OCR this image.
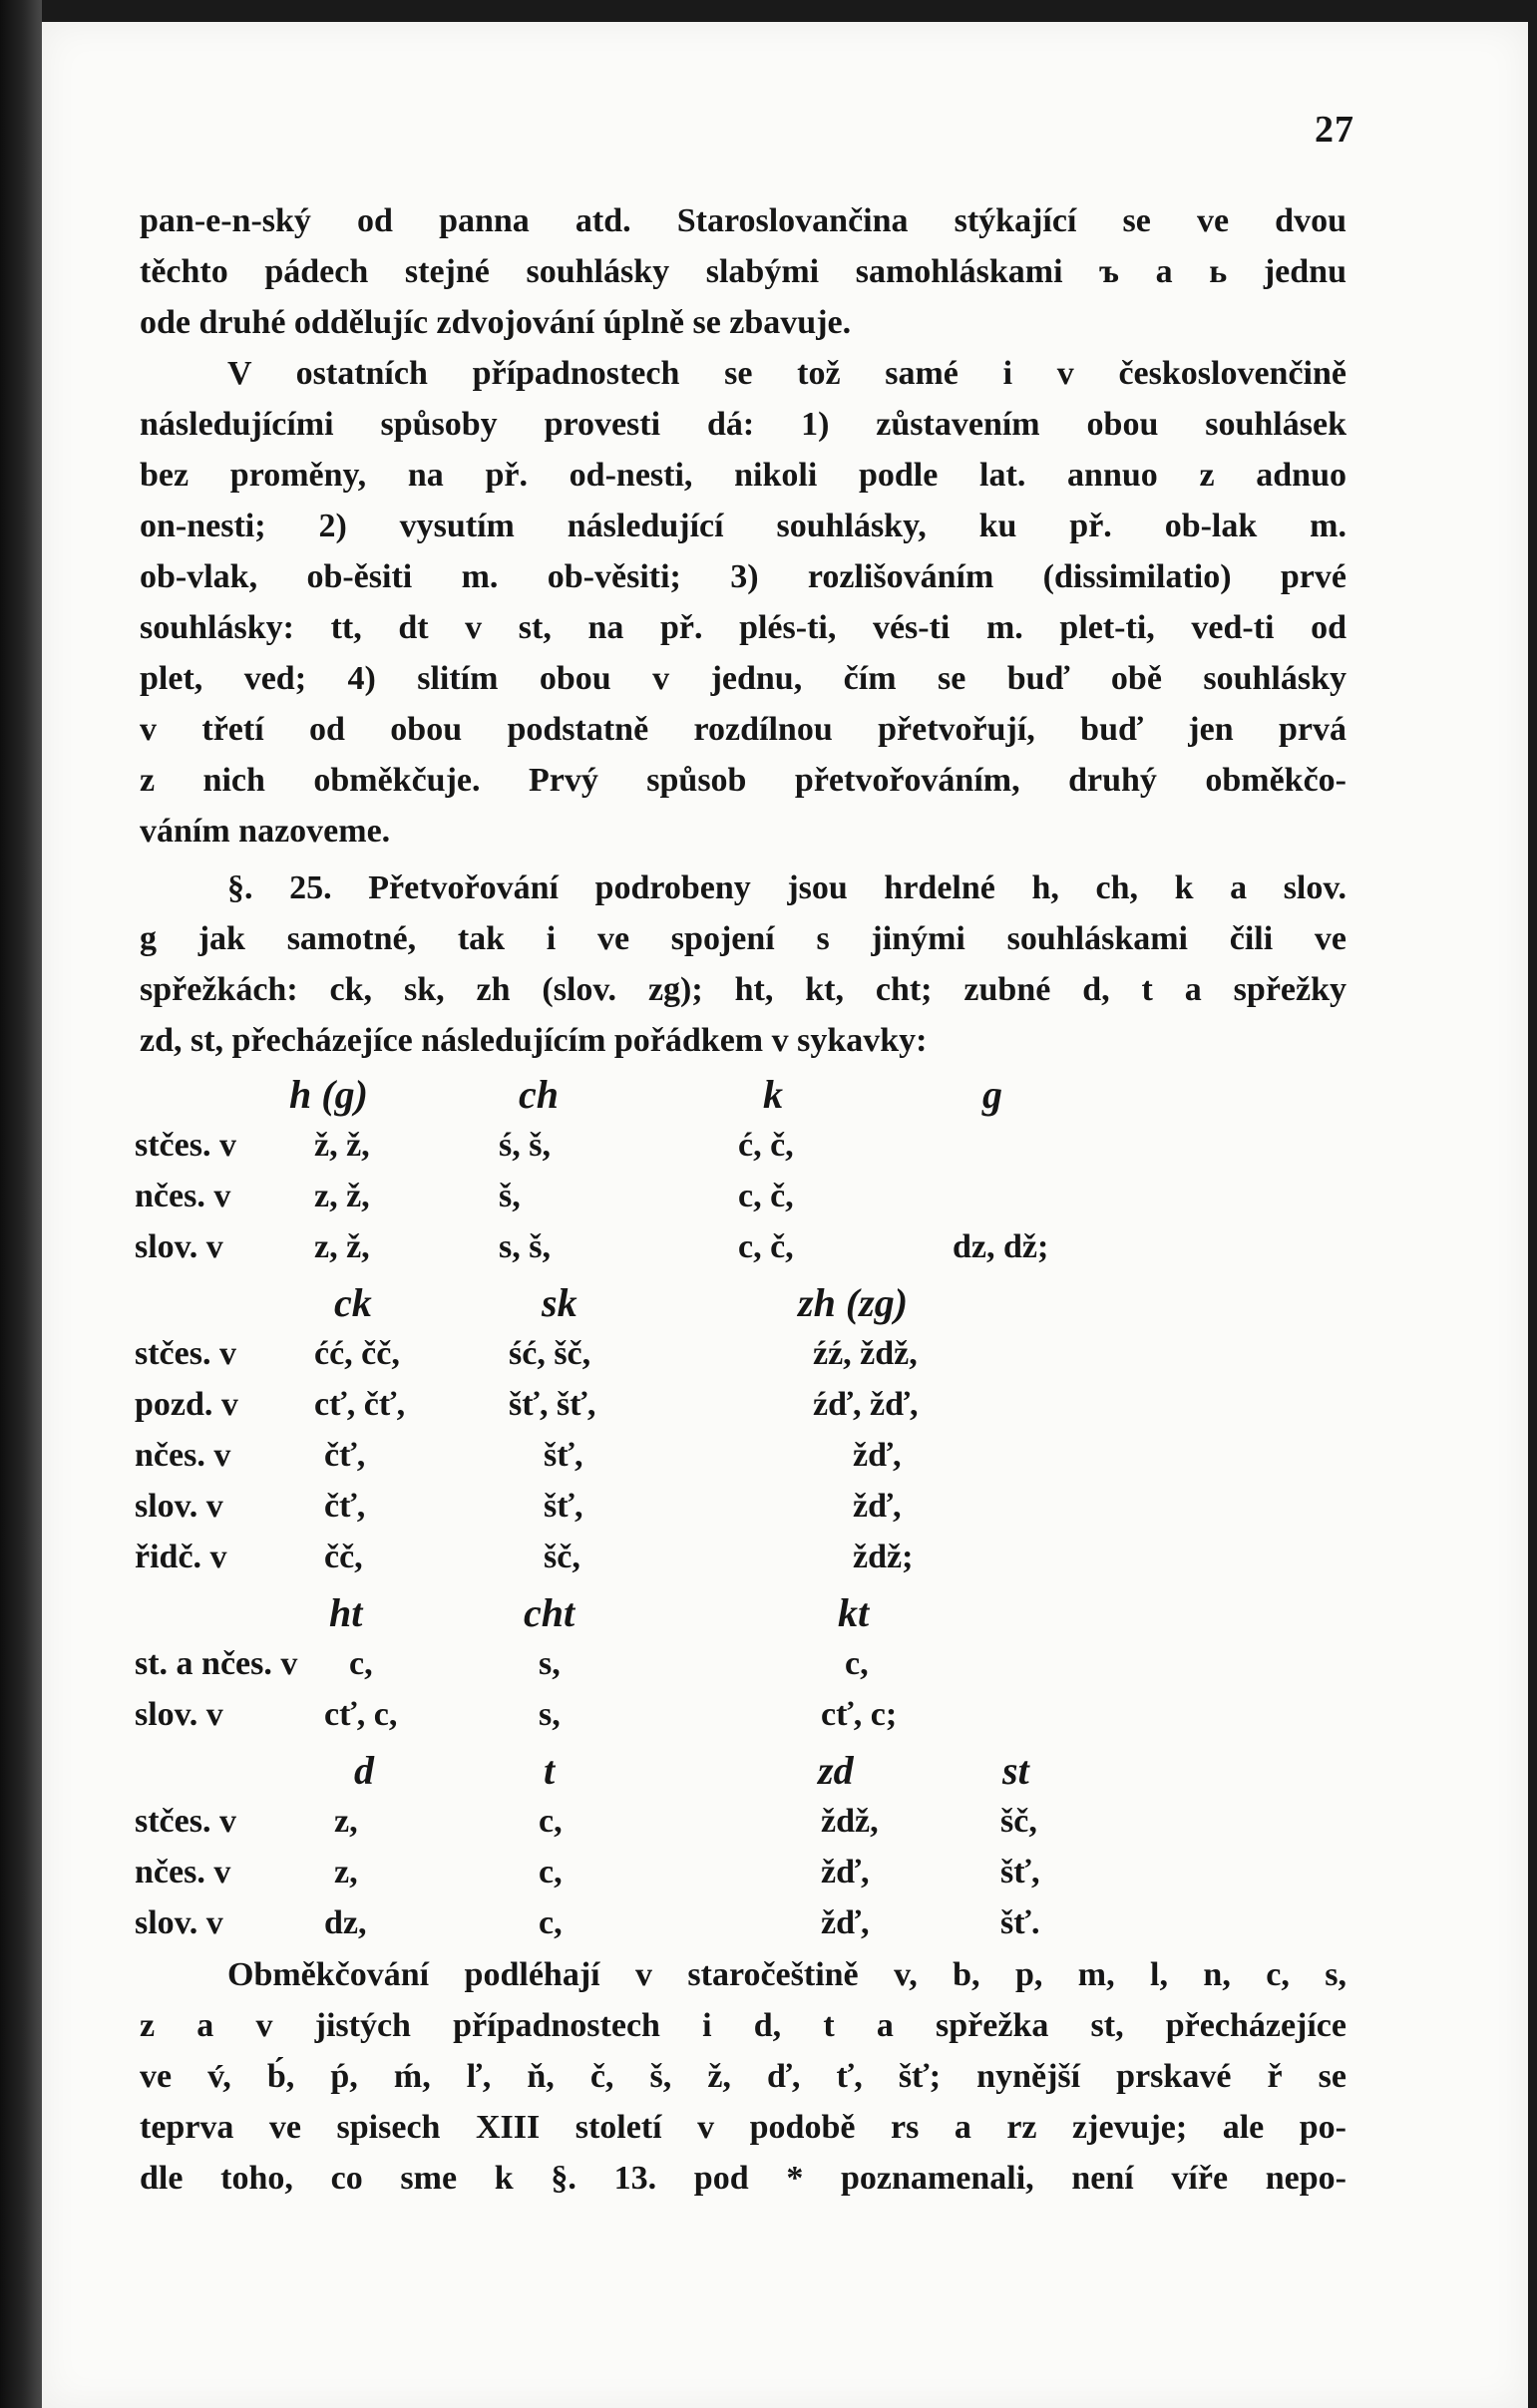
27
pan-e-n-ský od panna atd. Staroslovančina stýkající se ve dvou
těchto pádech stejné souhlásky slabými samohláskami ъ a ь jednu
ode druhé oddělujíc zdvojování úplně se zbavuje.
V ostatních případnostech se tož samé i v českoslovenčině
následujícími spůsoby provesti dá: 1) zůstavením obou souhlásek
bez proměny, na př. od-nesti, nikoli podle lat. annuo z adnuo
on-nesti; 2) vysutím následující souhlásky, ku př. ob-lak m.
ob-vlak, ob-ěsiti m. ob-věsiti; 3) rozlišováním (dissimilatio) prvé
souhlásky: tt, dt v st, na př. plés-ti, vés-ti m. plet-ti, ved-ti od
plet, ved; 4) slitím obou v jednu, čím se buď obě souhlásky
v třetí od obou podstatně rozdílnou přetvořují, buď jen prvá
z nich obměkčuje. Prvý spůsob přetvořováním, druhý obměkčo-
váním nazoveme.
§. 25. Přetvořování podrobeny jsou hrdelné h, ch, k a slov.
g jak samotné, tak i ve spojení s jinými souhláskami čili ve
spřežkách: ck, sk, zh (slov. zg); ht, kt, cht; zubné d, t a spřežky
zd, st, přecházejíce následujícím pořádkem v sykavky:
h (g)	ch	k	g
stčes. v ž, ž,	ś, š,	ć, č,
nčes. v z, ž,	š,	c, č,
slov. v	z, ž,	s, š,	c, č,	dz, dž;
ck	sk	zh (zg)
stčes. v ćć, čč,	ść, šč,	źź, ždž,
pozd. v cť, čť,	šť, šť,	źď, žď,
nčes. v	čť,	šť,	žď,
slov. v	čť,	šť,	žď,
řidč. v	čč,	šč,	ždž;
ht	cht	kt
st. a nčes. v c,	s,	c,
slov. v	cť, c,	s,	cť, c;
d	t	zd	st
stčes. v	z,	c,	ždž,	šč,
nčes. v	z,	c,	žď,	šť,
slov. v	dz,	c,	žď,	šť.
Obměkčování podléhají v staročeštině v, b, p, m, l, n, c, s,
z a v jistých případnostech i d, t a spřežka st, přecházejíce
ve v́, b́, ṕ, ḿ, ľ, ň, č, š, ž, ď, ť, šť; nynější prskavé ř se
teprva ve spisech XIII století v podobě rs a rz zjevuje; ale po-
dle toho, co sme k §. 13. pod * poznamenali, není víře nepo-
